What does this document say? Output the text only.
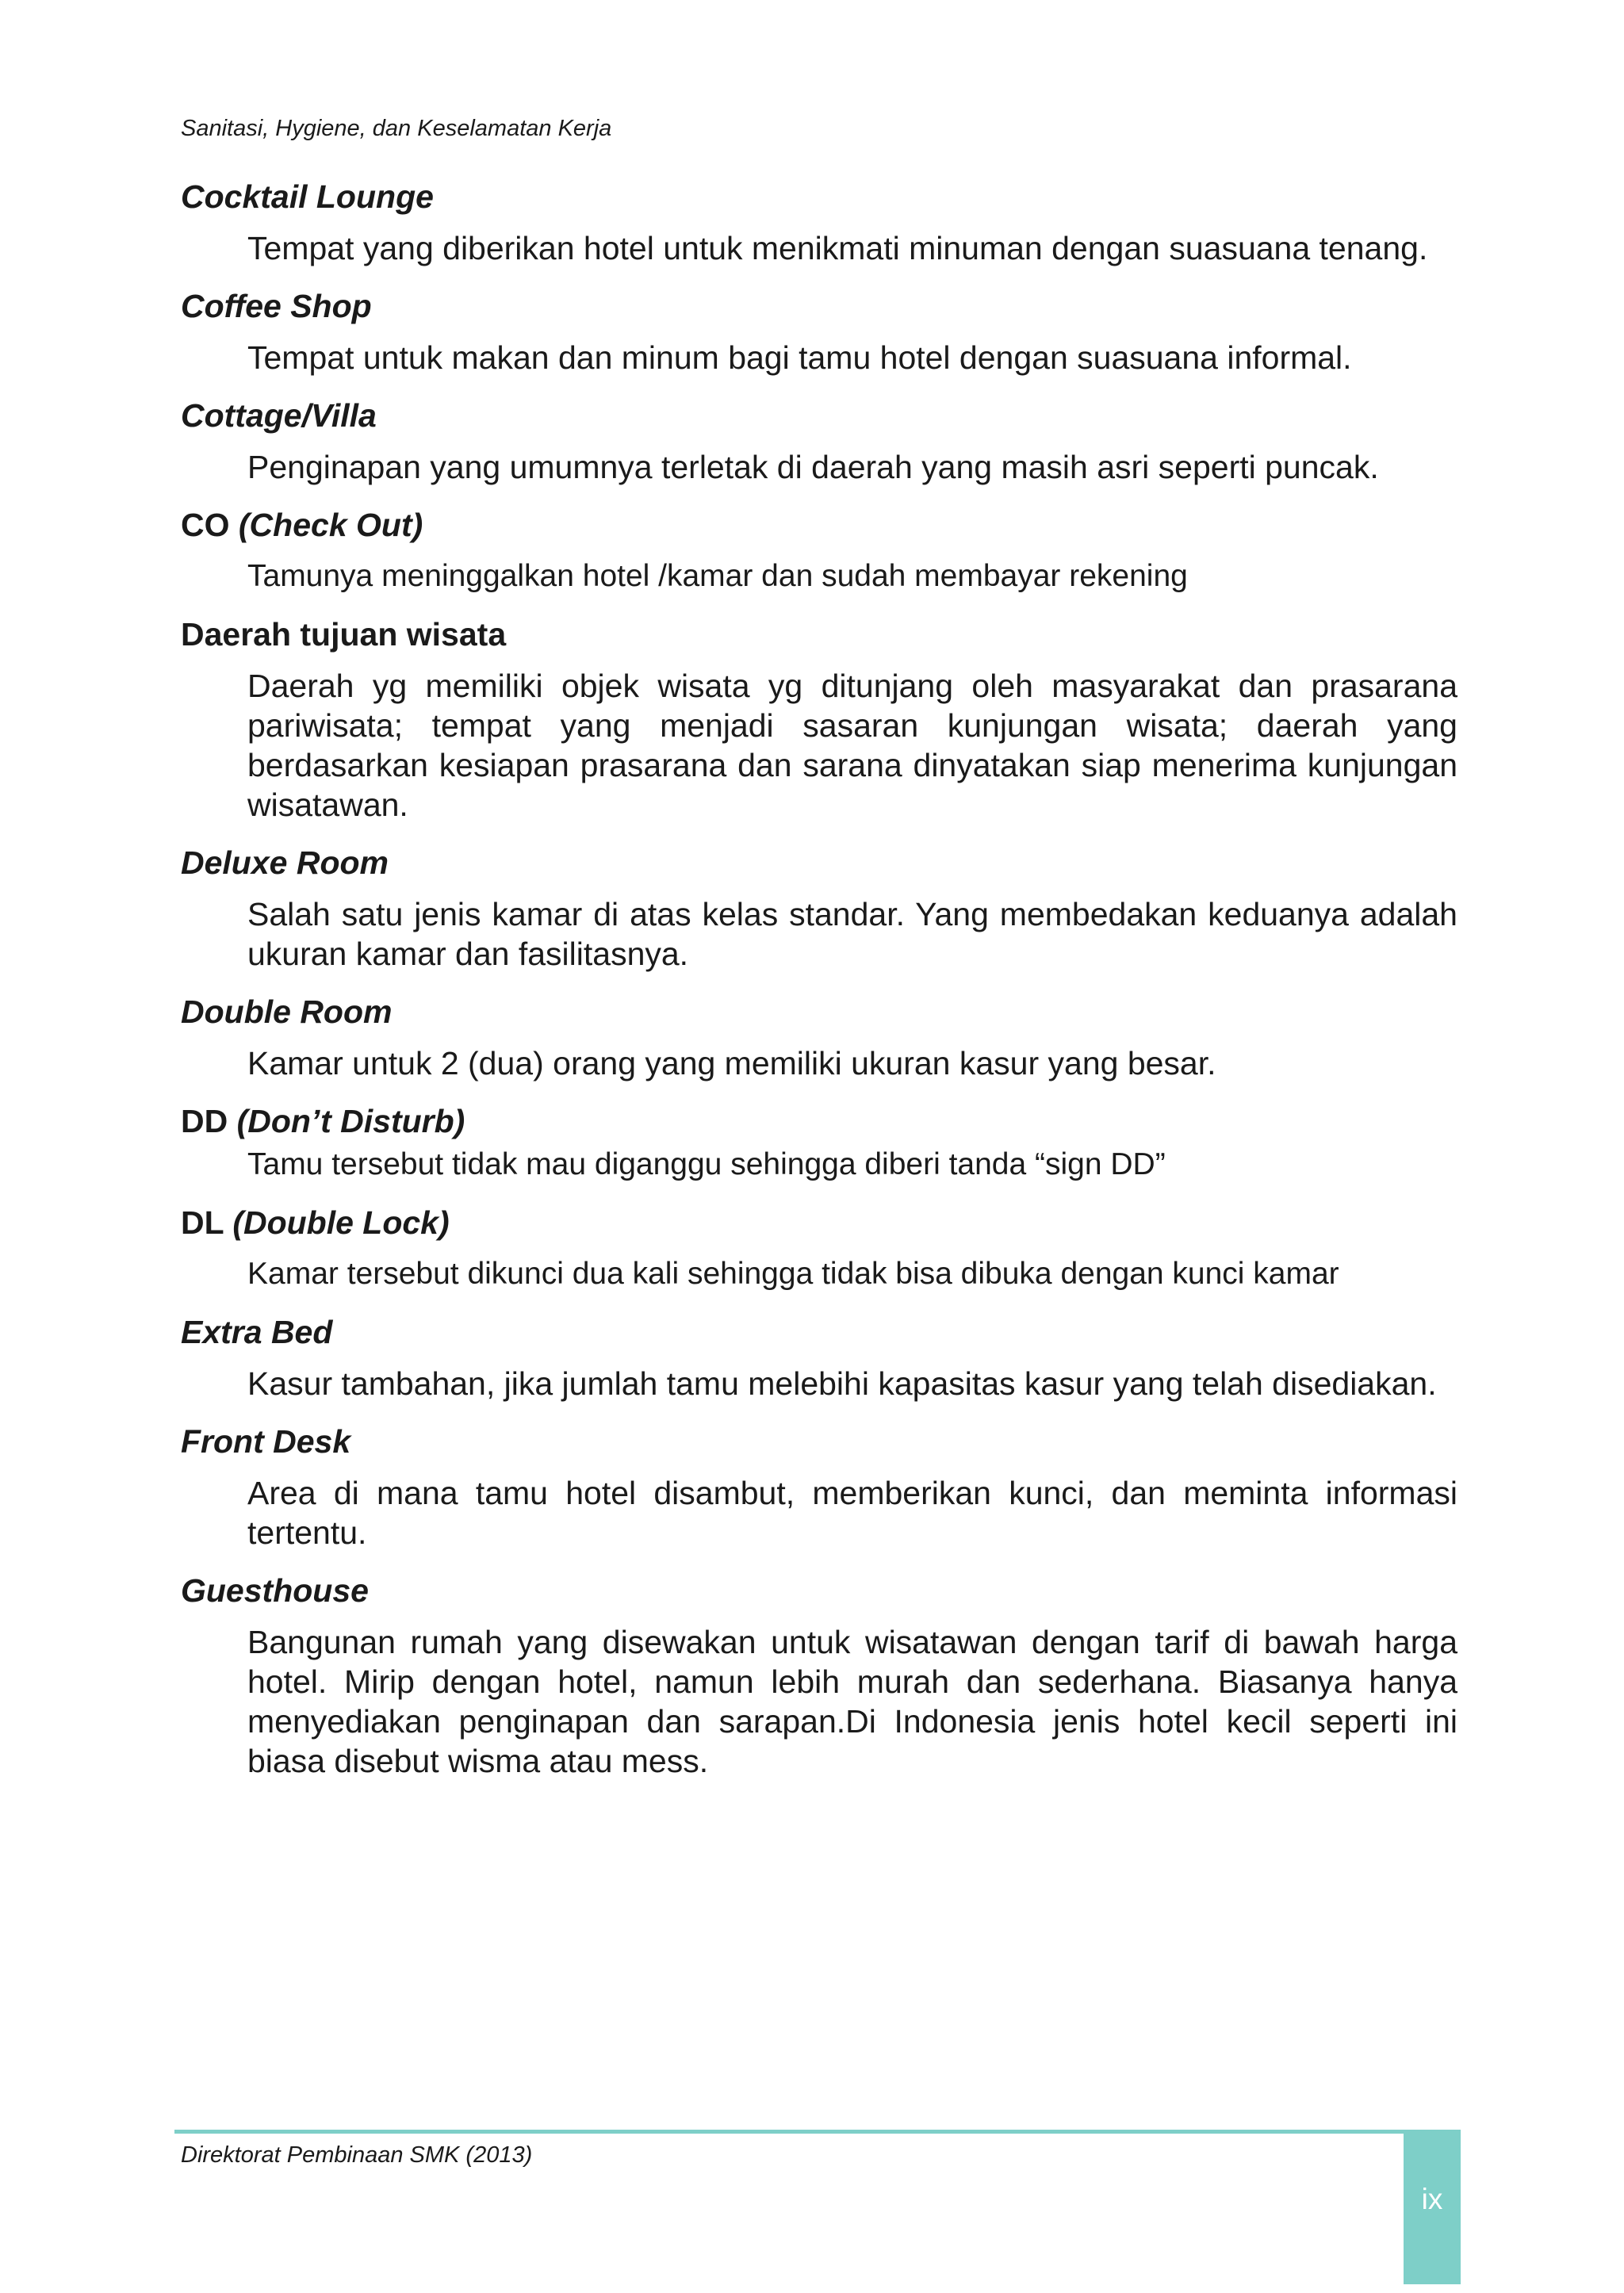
Sanitasi, Hygiene, dan Keselamatan Kerja

Cocktail Lounge

Tempat yang diberikan hotel untuk menikmati minuman dengan suasuana tenang.

Coffee Shop

Tempat untuk makan dan minum bagi tamu hotel dengan suasuana informal.

Cottage/Villa

Penginapan yang umumnya terletak di daerah yang masih asri seperti puncak.

CO (Check Out)

Tamunya meninggalkan hotel /kamar dan sudah membayar rekening

Daerah tujuan wisata

Daerah yg memiliki objek wisata yg ditunjang oleh masyarakat dan prasarana pariwisata; tempat yang menjadi sasaran kunjungan wisata; daerah yang berdasarkan kesiapan prasarana dan sarana dinyatakan siap menerima kunjungan wisatawan.

Deluxe Room

Salah satu jenis kamar di atas kelas standar. Yang membedakan keduanya adalah ukuran kamar dan fasilitasnya.

Double Room

Kamar untuk 2 (dua) orang yang memiliki ukuran kasur yang besar.

DD (Don’t Disturb)

Tamu tersebut tidak mau diganggu sehingga diberi tanda “sign DD”

DL (Double Lock)

Kamar tersebut dikunci dua kali sehingga tidak bisa dibuka dengan kunci kamar

Extra Bed

Kasur tambahan, jika jumlah tamu melebihi kapasitas kasur yang telah disediakan.

Front Desk

Area di mana tamu hotel disambut, memberikan kunci, dan meminta informasi tertentu.

Guesthouse

Bangunan rumah yang disewakan untuk wisatawan dengan tarif di bawah harga hotel. Mirip dengan hotel, namun lebih murah dan sederhana. Biasanya hanya menyediakan penginapan dan sarapan.Di Indonesia jenis hotel kecil seperti ini biasa disebut wisma atau mess.

Direktorat Pembinaan SMK (2013)
ix
